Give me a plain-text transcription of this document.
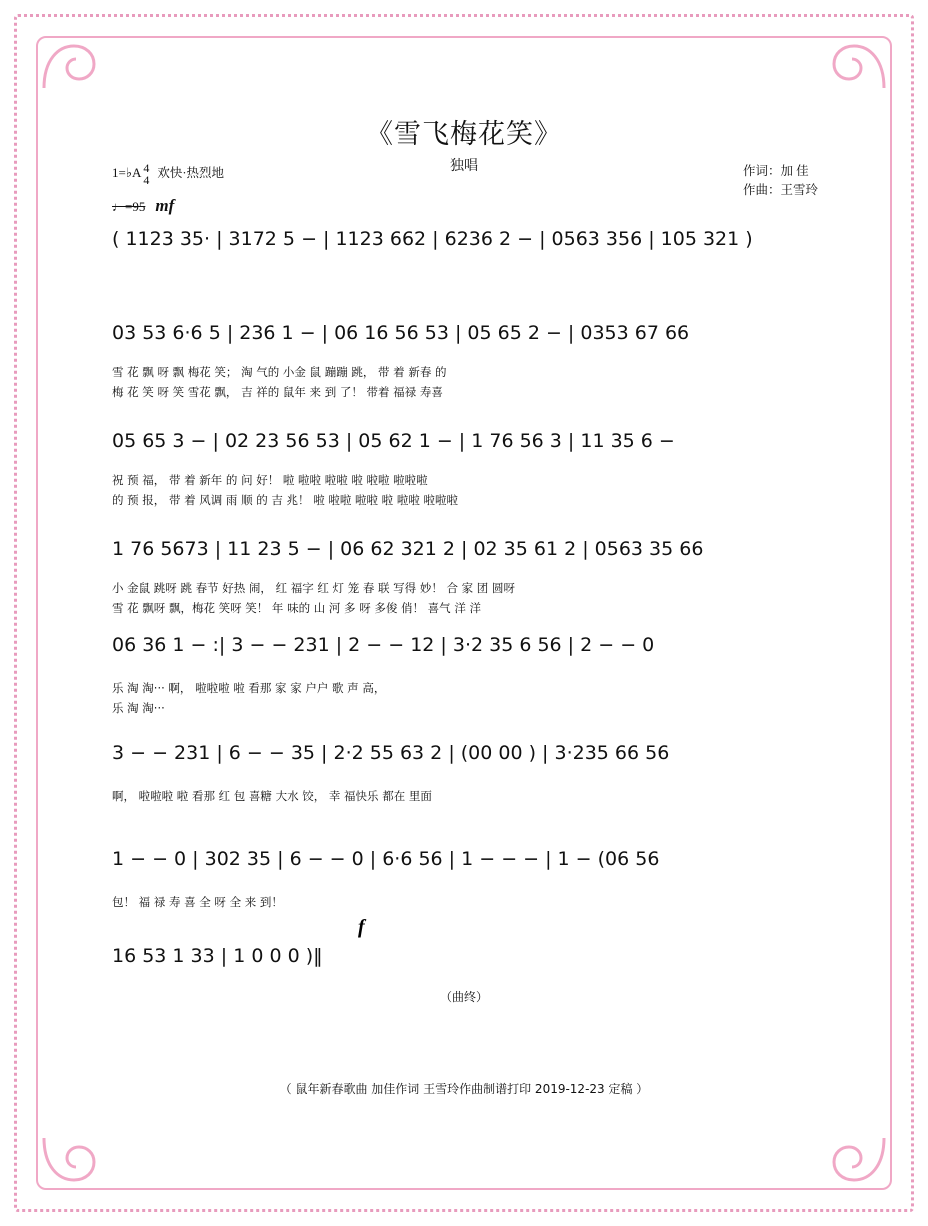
《雪飞梅花笑》
独唱
1=♭A 4
4
欢快·热烈地
♩=95 mf
作词：加 佳
作曲：王雪玲
( 1123 35· | 3172 5 − | 1123 662 | 6236 2 − | 0563 356 | 105 321 )
03 53 6·6 5 | 236 1 − | 06 16 56 53 | 05 65 2 − | 0353 67 66
雪 花 飘 呀 飘 梅花 笑； 淘 气的 小金 鼠 蹦蹦 跳， 带 着 新春 的
梅 花 笑 呀 笑 雪花 飘， 吉 祥的 鼠年 来 到 了！ 带着 福禄 寿喜
05 65 3 − | 02 23 56 53 | 05 62 1 − | 1 76 56 3 | 11 35 6 −
祝 预 福， 带 着 新年 的 问 好！ 啦 啦啦 啦啦 啦 啦啦 啦啦啦
的 预 报， 带 着 风调 雨 顺 的 吉 兆！ 啦 啦啦 啦啦 啦 啦啦 啦啦啦
1 76 5673 | 11 23 5 − | 06 62 321 2 | 02 35 61 2 | 0563 35 66
小 金鼠 跳呀 跳 春节 好热 闹， 红 福字 红 灯 笼 春 联 写得 妙！ 合 家 团 圆呀
雪 花 飘呀 飘，梅花 笑呀 笑！ 年 味的 山 河 多 呀 多俊 俏！ 喜气 洋 洋
06 36 1 − :| 3 − − 231 | 2 − − 12 | 3·2 35 6 56 | 2 − − 0
乐 淘 淘··· 啊， 啦啦啦 啦 看那 家 家 户户 歌 声 高，
乐 淘 淘···
3 − − 231 | 6 − − 35 | 2·2 55 63 2 | (00 00 ) | 3·235 66 56
啊， 啦啦啦 啦 看那 红 包 喜糖 大水 饺， 幸 福快乐 都在 里面
1 − − 0 | 302 35 | 6 − − 0 | 6·6 56 | 1 − − − | 1 − (06 56
包！ 福 禄 寿 喜 全 呀 全 来 到！
16 53 1 33 | 1 0 0 0 )‖
f
（曲终）
（ 鼠年新春歌曲 加佳作词 王雪玲作曲制谱打印 2019-12-23 定稿 ）
